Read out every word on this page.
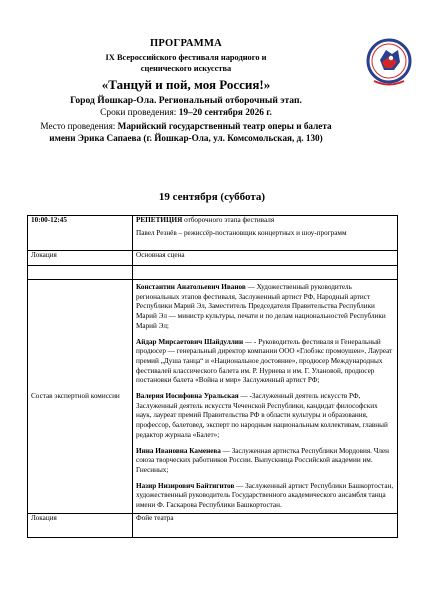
ПРОГРАММА
IX Всероссийского фестиваля народного и
сценического искусства
«Танцуй и пой, моя Россия!»
Город Йошкар-Ола. Региональный отборочный этап.
Сроки проведения: 19–20 сентября 2026 г.
Место проведения: Марийский государственный театр оперы и балета
имени Эрика Сапаева (г. Йошкар-Ола, ул. Комсомольская, д. 130)
19 сентября (суббота)
10:00-12:45	РЕПЕТИЦИЯ отборочного этапа фестиваля
Павел Резнёв – режиссёр-постановщик концертных и шоу-программ

Локация	Основная сцена

Состав экспертной комиссии	Константин Анатольевич Иванов — Художественный руководитель региональных этапов фестиваля, Заслуженный артист РФ, Народный артист Республики Марий Эл, Заместитель Председателя Правительства Республики Марий Эл — министр культуры, печати и по делам национальностей Республики Марий Эл;
Айдар Мирсаетович Шайдуллин — - Руководитель фестиваля и Генеральный продюсер — генеральный директор компании ООО «Глобэкс промоушен», Лауреат премий „Душа танца“ и «Национальное достояние», продюсер Международных фестивалей классического балета им. Р. Нуриева и им. Г. Улановой, продюсер постановки балета «Война и мир» Заслуженный артист РФ;
Валерия Иосифовна Уральская — -Заслуженный деятель искусств РФ, Заслуженный деятель искусств Чеченской Республики, кандидат философских наук, лауреат премий Правительства РФ в области культуры и образования, профессор, балетовед, эксперт по народным национальным коллективам, главный редактор журнала «Балет»;
Инна Ивановна Каменева — Заслуженная артистка Республики Мордовия. Член союза творческих работников России. Выпускница Российской академии им. Гнесиных;
Назир Низирович Байтигитов — Заслуженный артист Республики Башкортостан, художественный руководитель Государственного академического ансамбля танца имени Ф. Гаскарова Республики Башкортостан.

Локация	Фойе театра
